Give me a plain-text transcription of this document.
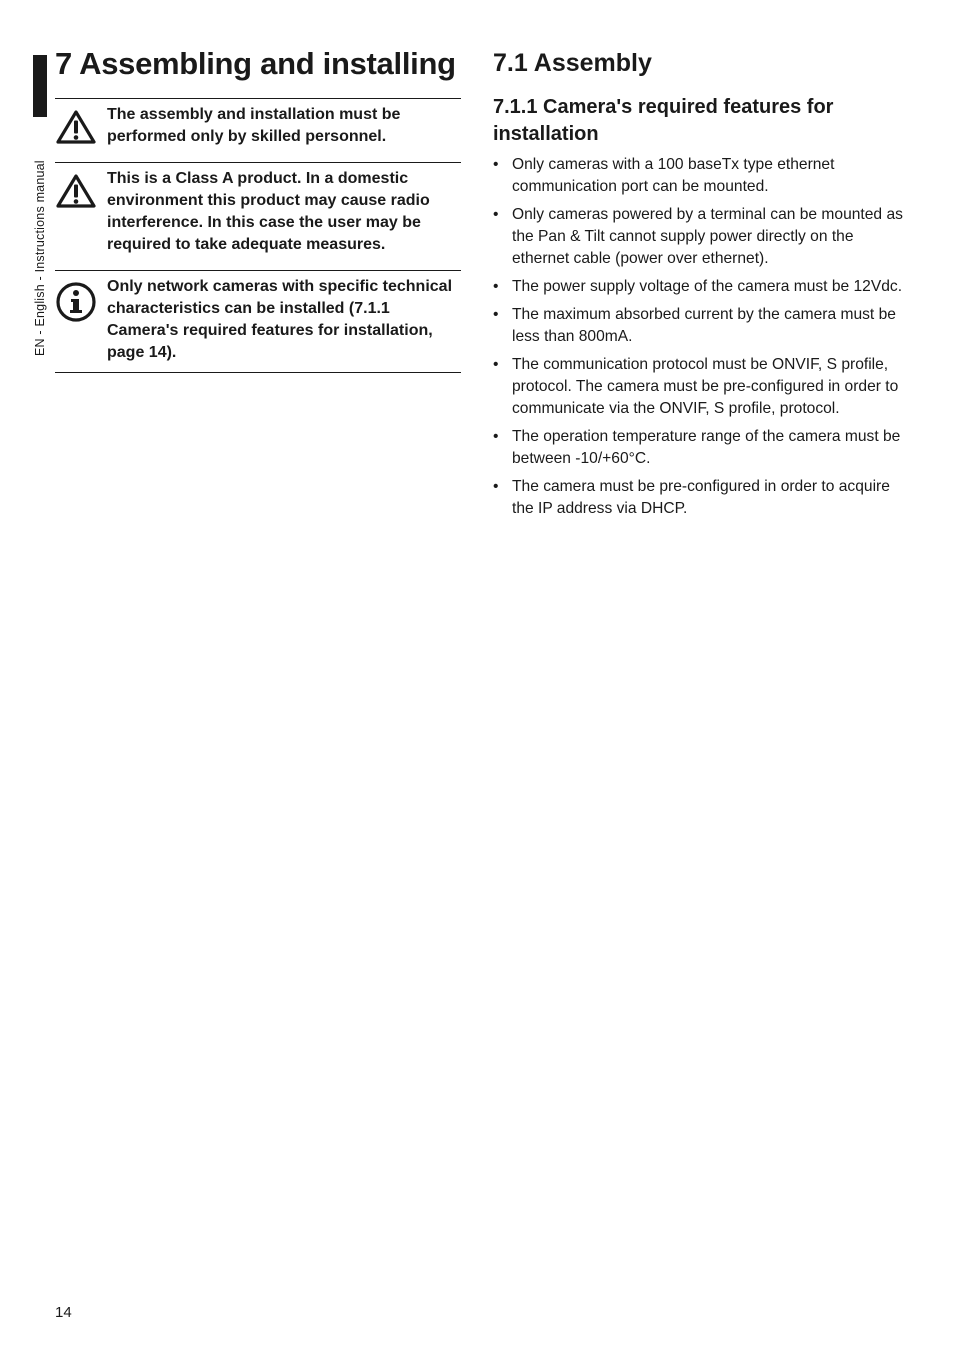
EN - English - Instructions manual
7 Assembling and installing
The assembly and installation must be performed only by skilled personnel.
This is a Class A product. In a domestic environment this product may cause radio interference. In this case the user may be required to take adequate measures.
Only network cameras with specific technical characteristics can be installed (7.1.1 Camera's required features for installation, page 14).
7.1 Assembly
7.1.1 Camera's required features for installation
• Only cameras with a 100 baseTx type ethernet communication port can be mounted.
• Only cameras powered by a terminal can be mounted as the Pan & Tilt cannot supply power directly on the ethernet cable (power over ethernet).
• The power supply voltage of the camera must be 12Vdc.
• The maximum absorbed current by the camera must be less than 800mA.
• The communication protocol must be ONVIF, S profile, protocol. The camera must be pre-configured in order to communicate via the ONVIF, S profile, protocol.
• The operation temperature range of the camera must be between -10/+60°C.
• The camera must be pre-configured in order to acquire the IP address via DHCP.
14
